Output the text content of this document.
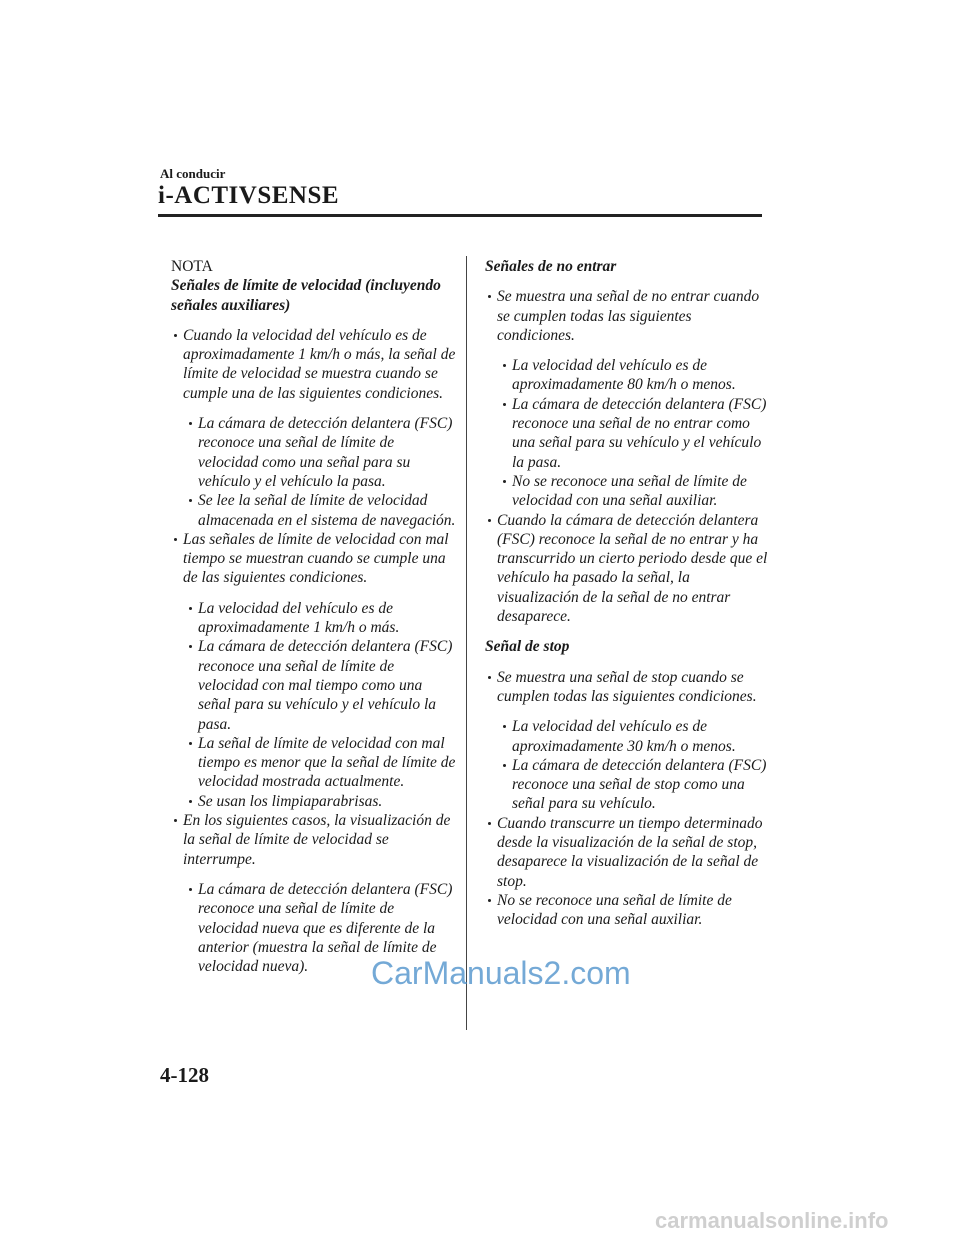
Al conducir
i-ACTIVSENSE
NOTA
Señales de límite de velocidad (incluyendo señales auxiliares)
Cuando la velocidad del vehículo es de aproximadamente 1 km/h o más, la señal de límite de velocidad se muestra cuando se cumple una de las siguientes condiciones.
La cámara de detección delantera (FSC) reconoce una señal de límite de velocidad como una señal para su vehículo y el vehículo la pasa.
Se lee la señal de límite de velocidad almacenada en el sistema de navegación.
Las señales de límite de velocidad con mal tiempo se muestran cuando se cumple una de las siguientes condiciones.
La velocidad del vehículo es de aproximadamente 1 km/h o más.
La cámara de detección delantera (FSC) reconoce una señal de límite de velocidad con mal tiempo como una señal para su vehículo y el vehículo la pasa.
La señal de límite de velocidad con mal tiempo es menor que la señal de límite de velocidad mostrada actualmente.
Se usan los limpiaparabrisas.
En los siguientes casos, la visualización de la señal de límite de velocidad se interrumpe.
La cámara de detección delantera (FSC) reconoce una señal de límite de velocidad nueva que es diferente de la anterior (muestra la señal de límite de velocidad nueva).
Señales de no entrar
Se muestra una señal de no entrar cuando se cumplen todas las siguientes condiciones.
La velocidad del vehículo es de aproximadamente 80 km/h o menos.
La cámara de detección delantera (FSC) reconoce una señal de no entrar como una señal para su vehículo y el vehículo la pasa.
No se reconoce una señal de límite de velocidad con una señal auxiliar.
Cuando la cámara de detección delantera (FSC) reconoce la señal de no entrar y ha transcurrido un cierto periodo desde que el vehículo ha pasado la señal, la visualización de la señal de no entrar desaparece.
Señal de stop
Se muestra una señal de stop cuando se cumplen todas las siguientes condiciones.
La velocidad del vehículo es de aproximadamente 30 km/h o menos.
La cámara de detección delantera (FSC) reconoce una señal de stop como una señal para su vehículo.
Cuando transcurre un tiempo determinado desde la visualización de la señal de stop, desaparece la visualización de la señal de stop.
No se reconoce una señal de límite de velocidad con una señal auxiliar.
CarManuals2.com
4-128
carmanualsonline.info
